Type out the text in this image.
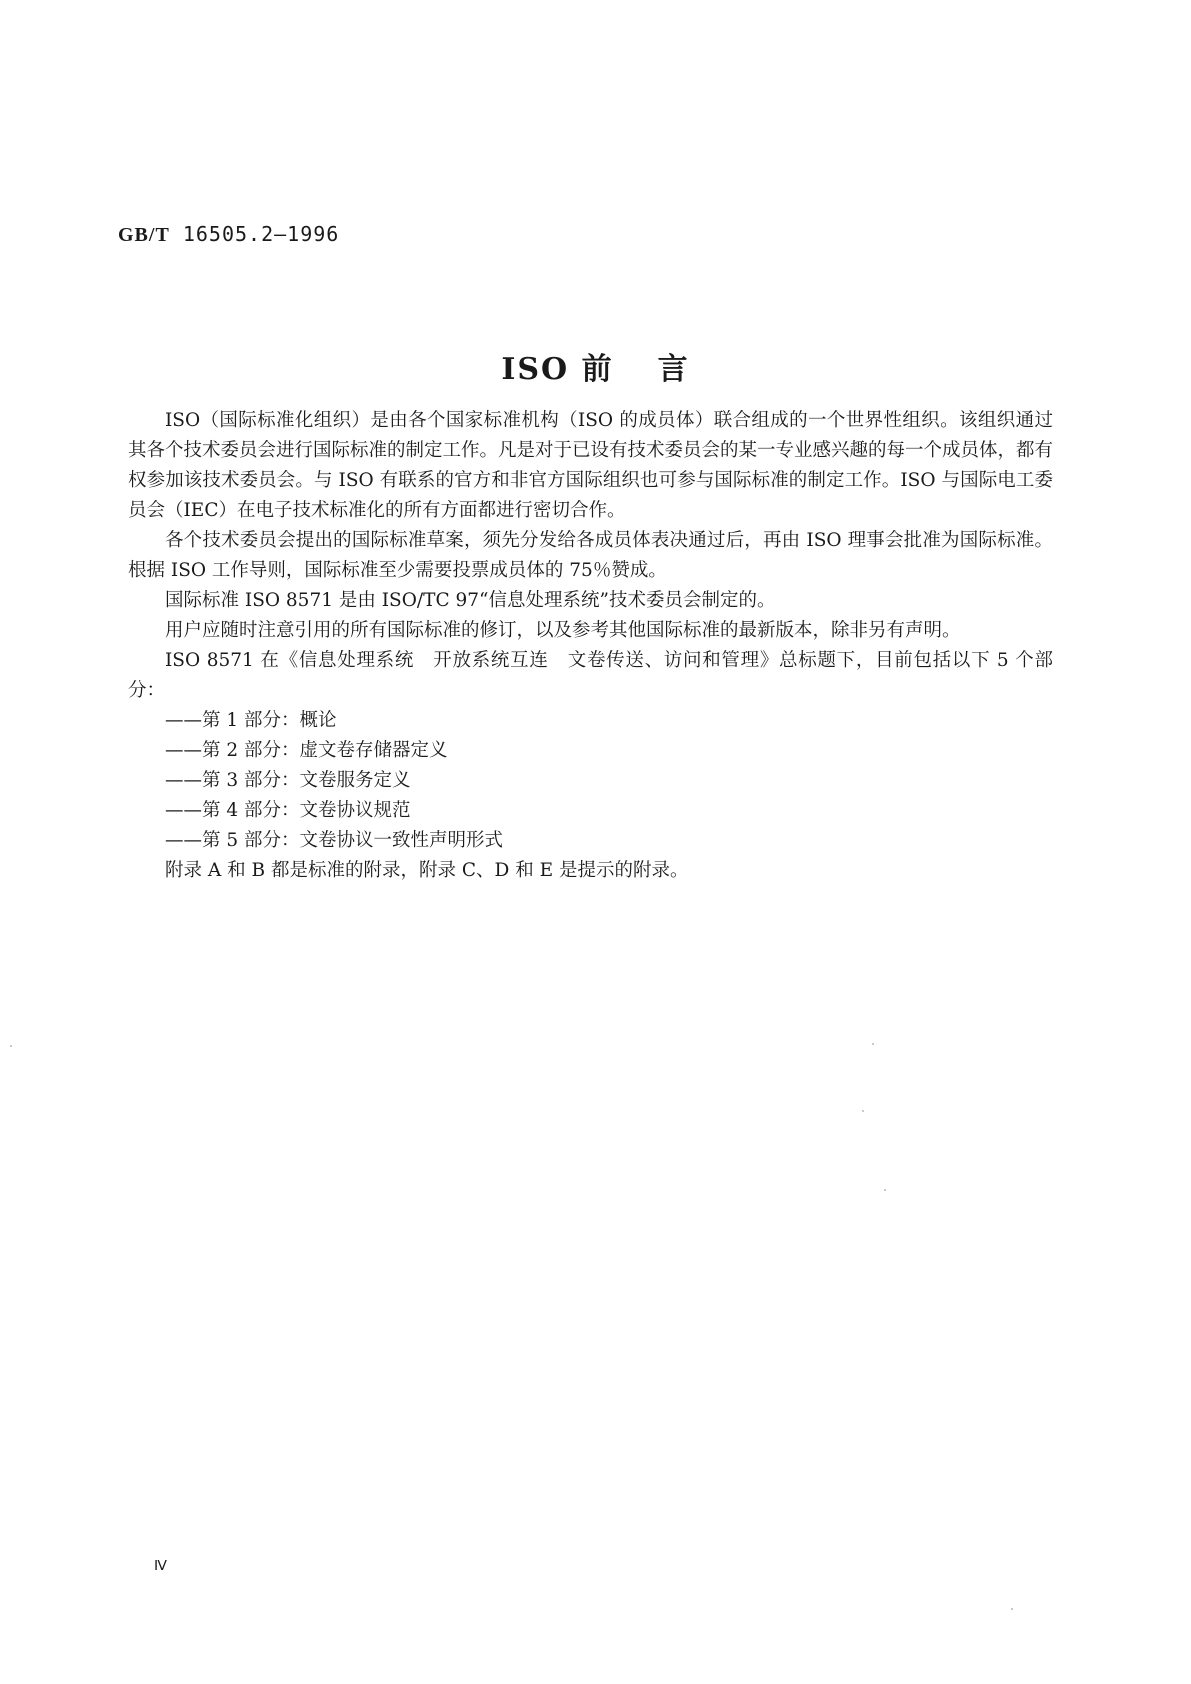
GB/T 16505.2—1996
ISO 前 言

ISO（国际标准化组织）是由各个国家标准机构（ISO 的成员体）联合组成的一个世界性组织。该组织通过其各个技术委员会进行国际标准的制定工作。凡是对于已设有技术委员会的某一专业感兴趣的每一个成员体，都有权参加该技术委员会。与 ISO 有联系的官方和非官方国际组织也可参与国际标准的制定工作。ISO 与国际电工委员会（IEC）在电子技术标准化的所有方面都进行密切合作。

各个技术委员会提出的国际标准草案，须先分发给各成员体表决通过后，再由 ISO 理事会批准为国际标准。根据 ISO 工作导则，国际标准至少需要投票成员体的 75％赞成。

国际标准 ISO 8571 是由 ISO/TC 97“信息处理系统”技术委员会制定的。

用户应随时注意引用的所有国际标准的修订，以及参考其他国际标准的最新版本，除非另有声明。

ISO 8571 在《信息处理系统　开放系统互连　文卷传送、访问和管理》总标题下，目前包括以下 5 个部分：

——第 1 部分：概论
——第 2 部分：虚文卷存储器定义
——第 3 部分：文卷服务定义
——第 4 部分：文卷协议规范
——第 5 部分：文卷协议一致性声明形式

附录 A 和 B 都是标准的附录，附录 C、D 和 E 是提示的附录。

Ⅳ
